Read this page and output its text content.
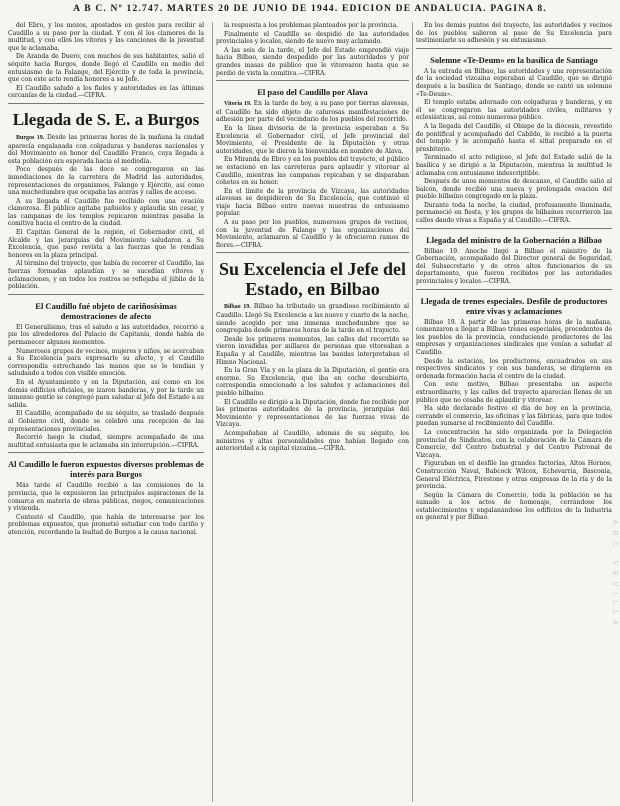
A B C. Nº 12.747. MARTES 20 DE JUNIO DE 1944. EDICION DE ANDALUCIA. PAGINA 8.

del Ebro, y los mozos, apostados en gestos para recibir al Caudillo a su paso por la ciudad. Y con él los clamores de la multitud, y con ellos los vítores y las canciones de la juventud que le aclamaba.

De Aranda de Duero, con muchos de sus habitantes, salió el séquito hacia Burgos, donde llegó el Caudillo en medio del entusiasmo de la Falange, del Ejército y de toda la provincia, que con este acto rendía honores a su Jefe.

El Caudillo saludó a los fieles y autoridades en las últimas cercanías de la ciudad.—CIFRA.

Llegada de S. E. a Burgos

Burgos 19. Desde las primeras horas de la mañana la ciudad aparecía engalanada con colgaduras y banderas nacionales y del Movimiento en honor del Caudillo Franco, cuya llegada a esta población era esperada hacia el mediodía.

Poco después de las doce se congregaron en las inmediaciones de la carretera de Madrid las autoridades, representaciones de organismos, Falange y Ejército, así como una muchedumbre que ocupaba las aceras y calles de acceso.

A su llegada el Caudillo fue recibido con una ovación clamorosa. El público agitaba pañuelos y aplaudía sin cesar, y las campanas de los templos repicaron mientras pasaba la comitiva hacia el centro de la ciudad.

El Capitán General de la región, el Gobernador civil, el Alcalde y las jerarquías del Movimiento saludaron a Su Excelencia, que pasó revista a las fuerzas que le rendían honores en la plaza principal.

Al término del trayecto, que había de recorrer el Caudillo, las fuerzas formadas aplaudían y se sucedían vítores y aclamaciones, y en todos los rostros se reflejaba el júbilo de la población.

El Caudillo fué objeto de cariñosísimas demostraciones de afecto

El Generalísimo, tras el saludo a las autoridades, recorrió a pie los alrededores del Palacio de Capitanía, donde había de permanecer algunos momentos.

Numerosos grupos de vecinos, mujeres y niños, se acercaban a Su Excelencia para expresarle su afecto, y el Caudillo correspondía estrechando las manos que se le tendían y saludando a todos con visible emoción.

En el Ayuntamiento y en la Diputación, así como en los demás edificios oficiales, se izaron banderas, y por la tarde un inmenso gentío se congregó para saludar al Jefe del Estado a su salida.

El Caudillo, acompañado de su séquito, se trasladó después al Gobierno civil, donde se celebró una recepción de las representaciones provinciales.

Recorrió luego la ciudad, siempre acompañado de una multitud entusiasta que le aclamaba sin interrupción.—CIFRA.

Al Caudillo le fueron expuestos diversos problemas de interés para Burgos

Más tarde el Caudillo recibió a las comisiones de la provincia, que le expusieron las principales aspiraciones de la comarca en materia de obras públicas, riegos, comunicaciones y vivienda.

Contestó el Caudillo, que había de interesarse por los problemas expuestos, que prometió estudiar con todo cariño y atención, recordando la lealtad de Burgos a la causa nacional.

la respuesta a los problemas planteados por la provincia.

Finalmente el Caudillo se despidió de las autoridades provinciales y locales, siendo de nuevo muy aclamado.

A las seis de la tarde, el Jefe del Estado emprendió viaje hacia Bilbao, siendo despedido por las autoridades y por grandes masas de público que le vitorearon hasta que se perdió de vista la comitiva.—CIFRA.

El paso del Caudillo por Alava

Vitoria 19. En la tarde de hoy, a su paso por tierras alavesas, el Caudillo ha sido objeto de calurosas manifestaciones de adhesión por parte del vecindario de los pueblos del recorrido.

En la línea divisoria de la provincia esperaban a Su Excelencia el Gobernador civil, el Jefe provincial del Movimiento, el Presidente de la Diputación y otras autoridades, que le dieron la bienvenida en nombre de Alava.

En Miranda de Ebro y en los pueblos del trayecto, el público se estacionó en las carreteras para aplaudir y vitorear al Caudillo, mientras las campanas repicaban y se disparaban cohetes en su honor.

En el límite de la provincia de Vizcaya, las autoridades alavesas se despidieron de Su Excelencia, que continuó el viaje hacia Bilbao entre nuevas muestras de entusiasmo popular.

A su paso por los pueblos, numerosos grupos de vecinos, con la juventud de Falange y las organizaciones del Movimiento, aclamaron al Caudillo y le ofrecieron ramos de flores.—CIFRA.

Su Excelencia el Jefe del Estado, en Bilbao

Bilbao 19. Bilbao ha tributado un grandioso recibimiento al Caudillo. Llegó Su Excelencia a las nueve y cuarto de la noche, siendo acogido por una inmensa muchedumbre que se congregaba desde primeras horas de la tarde en el trayecto.

Desde los primeros momentos, las calles del recorrido se vieron invadidas por millares de personas que vitoreaban a España y al Caudillo, mientras las bandas interpretaban el Himno Nacional.

En la Gran Vía y en la plaza de la Diputación, el gentío era enorme. Su Excelencia, que iba en coche descubierto, correspondía emocionado a los saludos y aclamaciones del pueblo bilbaíno.

El Caudillo se dirigió a la Diputación, donde fue recibido por las primeras autoridades de la provincia, jerarquías del Movimiento y representaciones de las fuerzas vivas de Vizcaya.

Acompañaban al Caudillo, además de su séquito, los ministros y altas personalidades que habían llegado con anterioridad a la capital vizcaína.—CIFRA.

En los demás puntos del trayecto, las autoridades y vecinos de los pueblos salieron al paso de Su Excelencia para testimoniarle su adhesión y su entusiasmo.

Solemne «Te-Deum» en la basílica de Santiago

A la entrada en Bilbao, las autoridades y una representación de la sociedad vizcaína esperaban al Caudillo, que se dirigió después a la basílica de Santiago, donde se cantó un solemne «Te-Deum».

El templo estaba adornado con colgaduras y banderas, y en él se congregaron las autoridades civiles, militares y eclesiásticas, así como numeroso público.

A la llegada del Caudillo, el Obispo de la diócesis, revestido de pontifical y acompañado del Cabildo, le recibió a la puerta del templo y le acompañó hasta el sitial preparado en el presbiterio.

Terminado el acto religioso, el Jefe del Estado salió de la basílica y se dirigió a la Diputación, mientras la multitud le aclamaba con entusiasmo indescriptible.

Después de unos momentos de descanso, el Caudillo salió al balcón, donde recibió una nueva y prolongada ovación del pueblo bilbaíno congregado en la plaza.

Durante toda la noche, la ciudad, profusamente iluminada, permaneció en fiesta, y los grupos de bilbaínos recorrieron las calles dando vivas a España y al Caudillo.—CIFRA.

Llegada del ministro de la Gobernación a Bilbao

Bilbao 19. Anoche llegó a Bilbao el ministro de la Gobernación, acompañado del Director general de Seguridad, del Subsecretario y de otros altos funcionarios de su departamento, que fueron recibidos por las autoridades provinciales y locales.—CIFRA.

Llegada de trenes especiales. Desfile de productores entre vivas y aclamaciones

Bilbao 19. A partir de las primeras horas de la mañana, comenzaron a llegar a Bilbao trenes especiales, procedentes de los pueblos de la provincia, conduciendo productores de las empresas y organizaciones sindicales que venían a saludar al Caudillo.

Desde la estación, los productores, encuadrados en sus respectivos sindicatos y con sus banderas, se dirigieron en ordenada formación hacia el centro de la ciudad.

Con este motivo, Bilbao presentaba un aspecto extraordinario, y las calles del trayecto aparecían llenas de un público que no cesaba de aplaudir y vitorear.

Ha sido declarado festivo el día de hoy en la provincia, cerrando el comercio, las oficinas y las fábricas, para que todos puedan sumarse al recibimiento del Caudillo.

La concentración ha sido organizada por la Delegación provincial de Sindicatos, con la colaboración de la Cámara de Comercio, del Centro Industrial y del Centro Patronal de Vizcaya.

Figuraban en el desfile las grandes factorías, Altos Hornos, Construcción Naval, Babcock Wilcox, Echevarría, Basconia, General Eléctrica, Firestone y otras empresas de la ría y de la provincia.

Según la Cámara de Comercio, toda la población se ha sumado a los actos de homenaje, cerrándose los establecimientos y engalanándose los edificios de la Industria en general y por Bilbao.

ABC SEVILLA
